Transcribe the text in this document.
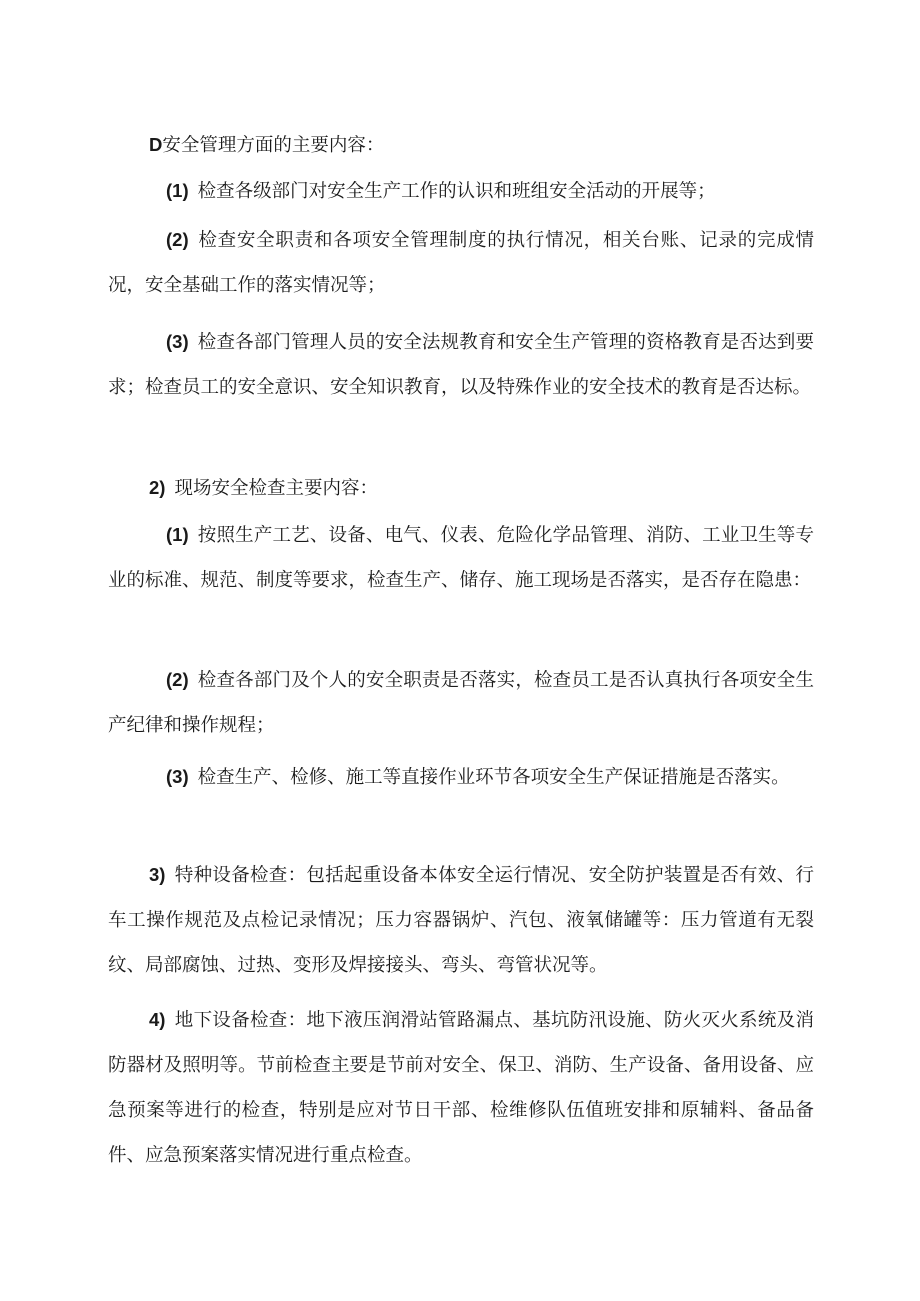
D安全管理方面的主要内容：

(1) 检查各级部门对安全生产工作的认识和班组安全活动的开展等；

(2) 检查安全职责和各项安全管理制度的执行情况，相关台账、记录的完成情况，安全基础工作的落实情况等；

(3) 检查各部门管理人员的安全法规教育和安全生产管理的资格教育是否达到要求；检查员工的安全意识、安全知识教育，以及特殊作业的安全技术的教育是否达标。

2) 现场安全检查主要内容：

(1) 按照生产工艺、设备、电气、仪表、危险化学品管理、消防、工业卫生等专业的标准、规范、制度等要求，检查生产、储存、施工现场是否落实，是否存在隐患：

(2) 检查各部门及个人的安全职责是否落实，检查员工是否认真执行各项安全生产纪律和操作规程；

(3) 检查生产、检修、施工等直接作业环节各项安全生产保证措施是否落实。

3) 特种设备检查：包括起重设备本体安全运行情况、安全防护装置是否有效、行车工操作规范及点检记录情况；压力容器锅炉、汽包、液氧储罐等：压力管道有无裂纹、局部腐蚀、过热、变形及焊接接头、弯头、弯管状况等。

4) 地下设备检查：地下液压润滑站管路漏点、基坑防汛设施、防火灭火系统及消防器材及照明等。节前检查主要是节前对安全、保卫、消防、生产设备、备用设备、应急预案等进行的检查，特别是应对节日干部、检维修队伍值班安排和原辅料、备品备件、应急预案落实情况进行重点检查。
